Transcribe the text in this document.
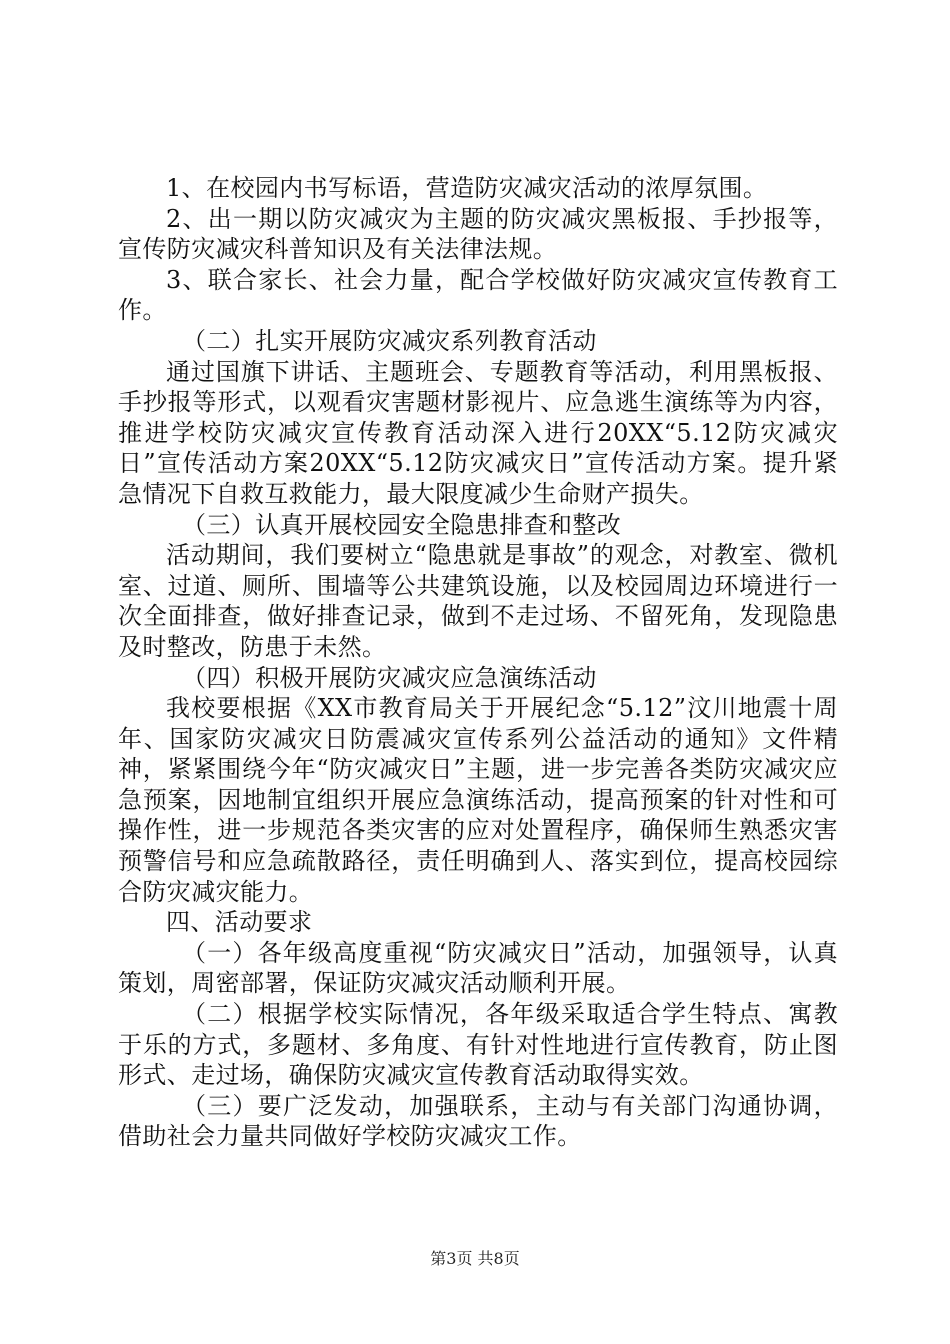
1、在校园内书写标语，营造防灾减灾活动的浓厚氛围。

2、出一期以防灾减灾为主题的防灾减灾黑板报、手抄报等，宣传防灾减灾科普知识及有关法律法规。

3、联合家长、社会力量，配合学校做好防灾减灾宣传教育工作。

（二）扎实开展防灾减灾系列教育活动

通过国旗下讲话、主题班会、专题教育等活动，利用黑板报、手抄报等形式，以观看灾害题材影视片、应急逃生演练等为内容，推进学校防灾减灾宣传教育活动深入进行20XX“5.12防灾减灾日”宣传活动方案20XX“5.12防灾减灾日”宣传活动方案。提升紧急情况下自救互救能力，最大限度减少生命财产损失。

（三）认真开展校园安全隐患排查和整改

活动期间，我们要树立“隐患就是事故”的观念，对教室、微机室、过道、厕所、围墙等公共建筑设施，以及校园周边环境进行一次全面排查，做好排查记录，做到不走过场、不留死角，发现隐患及时整改，防患于未然。

（四）积极开展防灾减灾应急演练活动

我校要根据《XX市教育局关于开展纪念“5.12”汶川地震十周年、国家防灾减灾日防震减灾宣传系列公益活动的通知》文件精神，紧紧围绕今年“防灾减灾日”主题，进一步完善各类防灾减灾应急预案，因地制宜组织开展应急演练活动，提高预案的针对性和可操作性，进一步规范各类灾害的应对处置程序，确保师生熟悉灾害预警信号和应急疏散路径，责任明确到人、落实到位，提高校园综合防灾减灾能力。

四、活动要求

（一）各年级高度重视“防灾减灾日”活动，加强领导，认真策划，周密部署，保证防灾减灾活动顺利开展。

（二）根据学校实际情况，各年级采取适合学生特点、寓教于乐的方式，多题材、多角度、有针对性地进行宣传教育，防止图形式、走过场，确保防灾减灾宣传教育活动取得实效。

（三）要广泛发动，加强联系，主动与有关部门沟通协调，借助社会力量共同做好学校防灾减灾工作。

第3页 共8页
